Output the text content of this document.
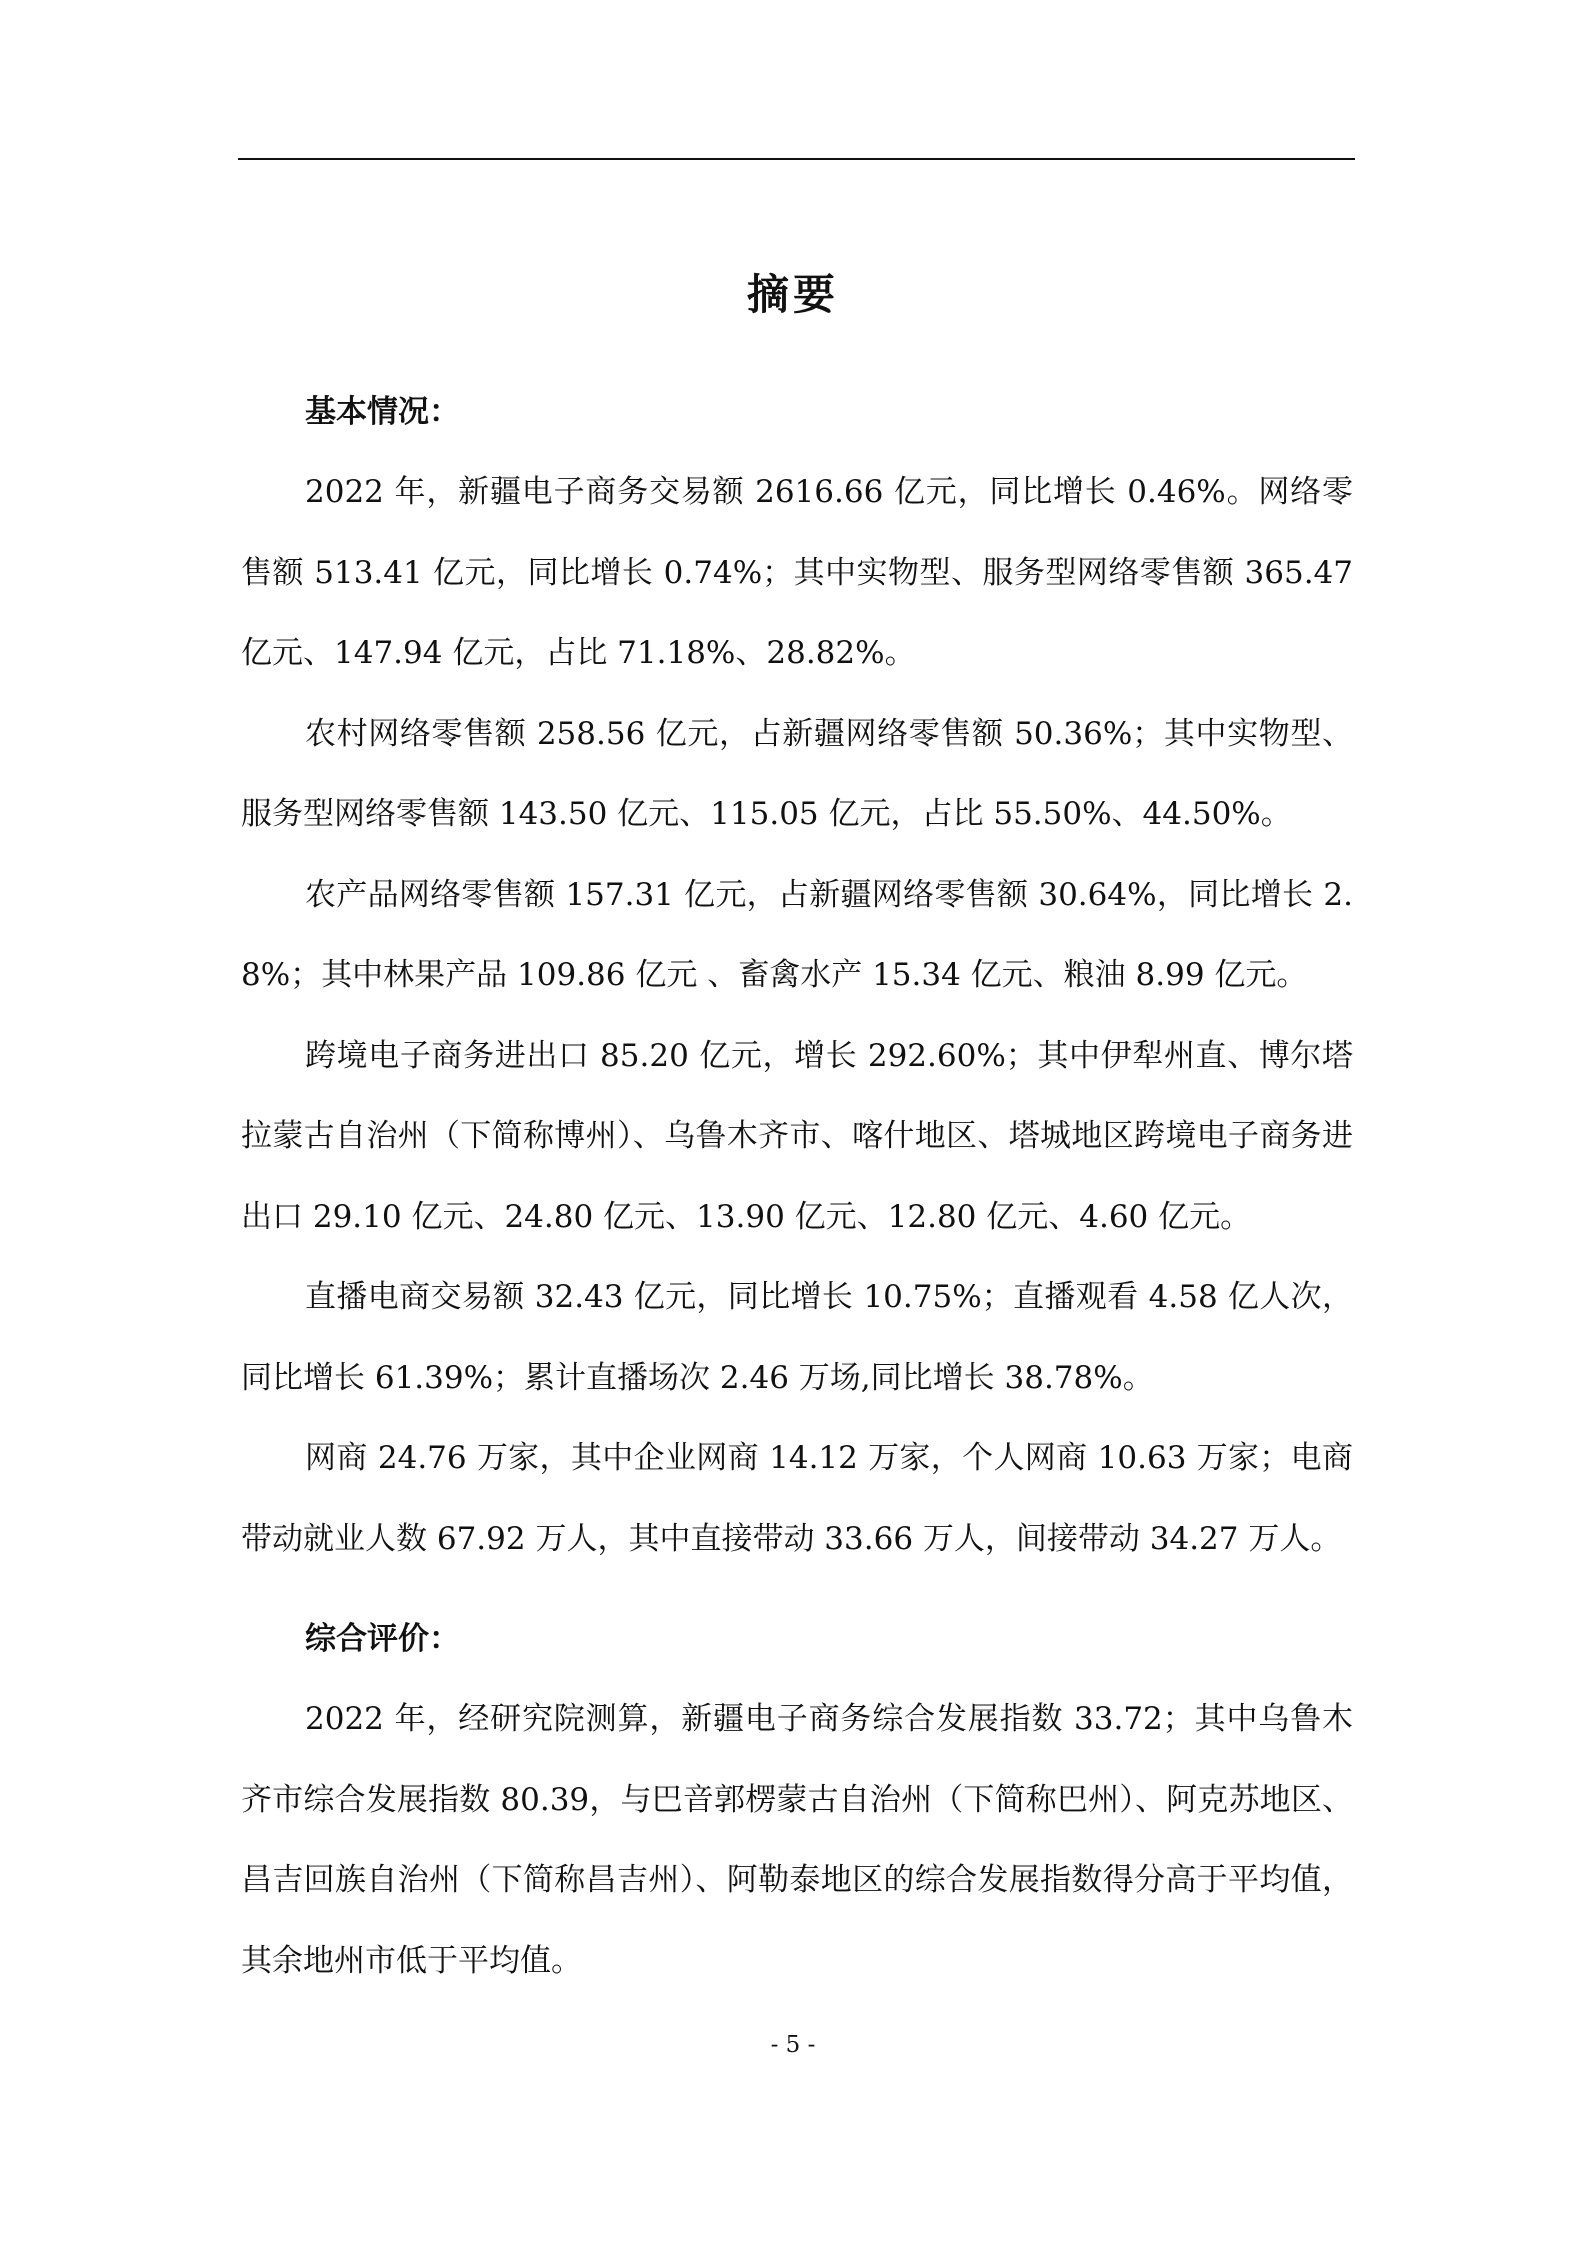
摘要
基本情况：

2022 年，新疆电子商务交易额 2616.66 亿元，同比增长 0.46%。网络零售额 513.41 亿元，同比增长 0.74%；其中实物型、服务型网络零售额 365.47 亿元、147.94 亿元，占比 71.18%、28.82%。

农村网络零售额 258.56 亿元，占新疆网络零售额 50.36%；其中实物型、服务型网络零售额 143.50 亿元、115.05 亿元，占比 55.50%、44.50%。

农产品网络零售额 157.31 亿元，占新疆网络零售额 30.64%，同比增长 2.8%；其中林果产品 109.86 亿元 、畜禽水产 15.34 亿元、粮油 8.99 亿元。

跨境电子商务进出口 85.20 亿元，增长 292.60%；其中伊犁州直、博尔塔拉蒙古自治州（下简称博州）、乌鲁木齐市、喀什地区、塔城地区跨境电子商务进出口 29.10 亿元、24.80 亿元、13.90 亿元、12.80 亿元、4.60 亿元。

直播电商交易额 32.43 亿元，同比增长 10.75%；直播观看 4.58 亿人次，同比增长 61.39%；累计直播场次 2.46 万场,同比增长 38.78%。

网商 24.76 万家，其中企业网商 14.12 万家，个人网商 10.63 万家；电商带动就业人数 67.92 万人，其中直接带动 33.66 万人，间接带动 34.27 万人。

综合评价：

2022 年，经研究院测算，新疆电子商务综合发展指数 33.72；其中乌鲁木齐市综合发展指数 80.39，与巴音郭楞蒙古自治州（下简称巴州）、阿克苏地区、昌吉回族自治州（下简称昌吉州）、阿勒泰地区的综合发展指数得分高于平均值，其余地州市低于平均值。

- 5 -
